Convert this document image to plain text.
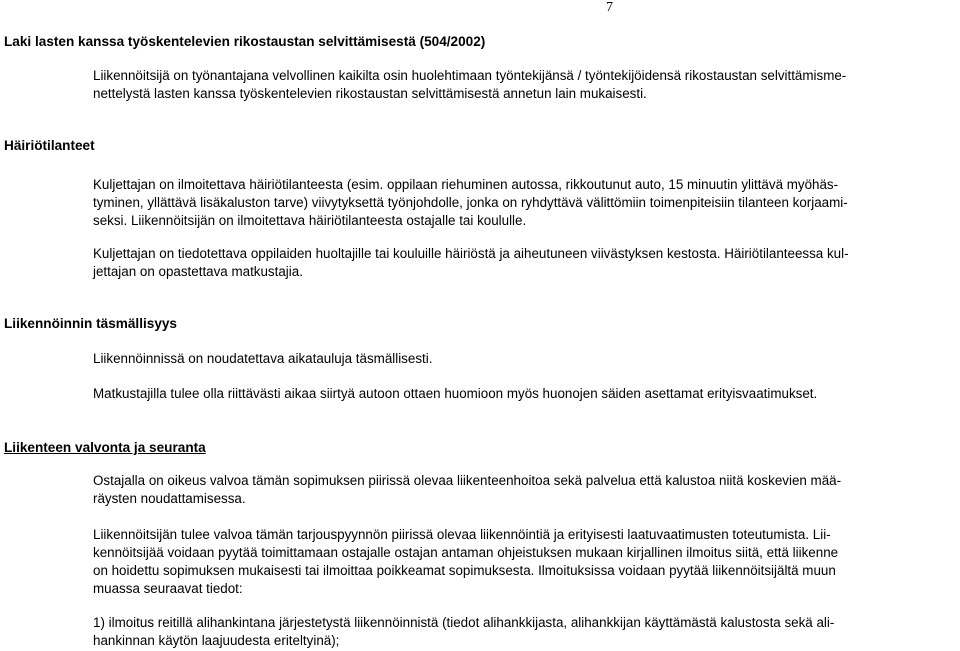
7
Laki lasten kanssa työskentelevien rikostaustan selvittämisestä (504/2002)
Liikennöitsijä on työnantajana velvollinen kaikilta osin huolehtimaan työntekijänsä / työntekijöidensä rikostaustan selvittämisme-
nettelystä lasten kanssa työskentelevien rikostaustan selvittämisestä annetun lain mukaisesti.
Häiriötilanteet
Kuljettajan on ilmoitettava häiriötilanteesta (esim. oppilaan riehuminen autossa, rikkoutunut auto, 15 minuutin ylittävä myöhäs-
tyminen, yllättävä lisäkaluston tarve) viivytyksettä työnjohdolle, jonka on ryhdyttävä välittömiin toimenpiteisiin tilanteen korjaami-
seksi. Liikennöitsijän on ilmoitettava häiriötilanteesta ostajalle tai koululle.
Kuljettajan on tiedotettava oppilaiden huoltajille tai kouluille häiriöstä ja aiheutuneen viivästyksen kestosta. Häiriötilanteessa kul-
jettajan on opastettava matkustajia.
Liikennöinnin täsmällisyys
Liikennöinnissä on noudatettava aikatauluja täsmällisesti.
Matkustajilla tulee olla riittävästi aikaa siirtyä autoon ottaen huomioon myös huonojen säiden asettamat erityisvaatimukset.
Liikenteen valvonta ja seuranta
Ostajalla on oikeus valvoa tämän sopimuksen piirissä olevaa liikenteenhoitoa sekä palvelua että kalustoa niitä koskevien mää-
räysten noudattamisessa.
Liikennöitsijän tulee valvoa tämän tarjouspyynnön piirissä olevaa liikennöintiä ja erityisesti laatuvaatimusten toteutumista. Lii-
kennöitsijää voidaan pyytää toimittamaan ostajalle ostajan antaman ohjeistuksen mukaan kirjallinen ilmoitus siitä, että liikenne
on hoidettu sopimuksen mukaisesti tai ilmoittaa poikkeamat sopimuksesta. Ilmoituksissa voidaan pyytää liikennöitsijältä muun
muassa seuraavat tiedot:
1) ilmoitus reitillä alihankintana järjestetystä liikennöinnistä (tiedot alihankkijasta, alihankkijan käyttämästä kalustosta sekä ali-
hankinnan käytön laajuudesta eriteltyinä);
